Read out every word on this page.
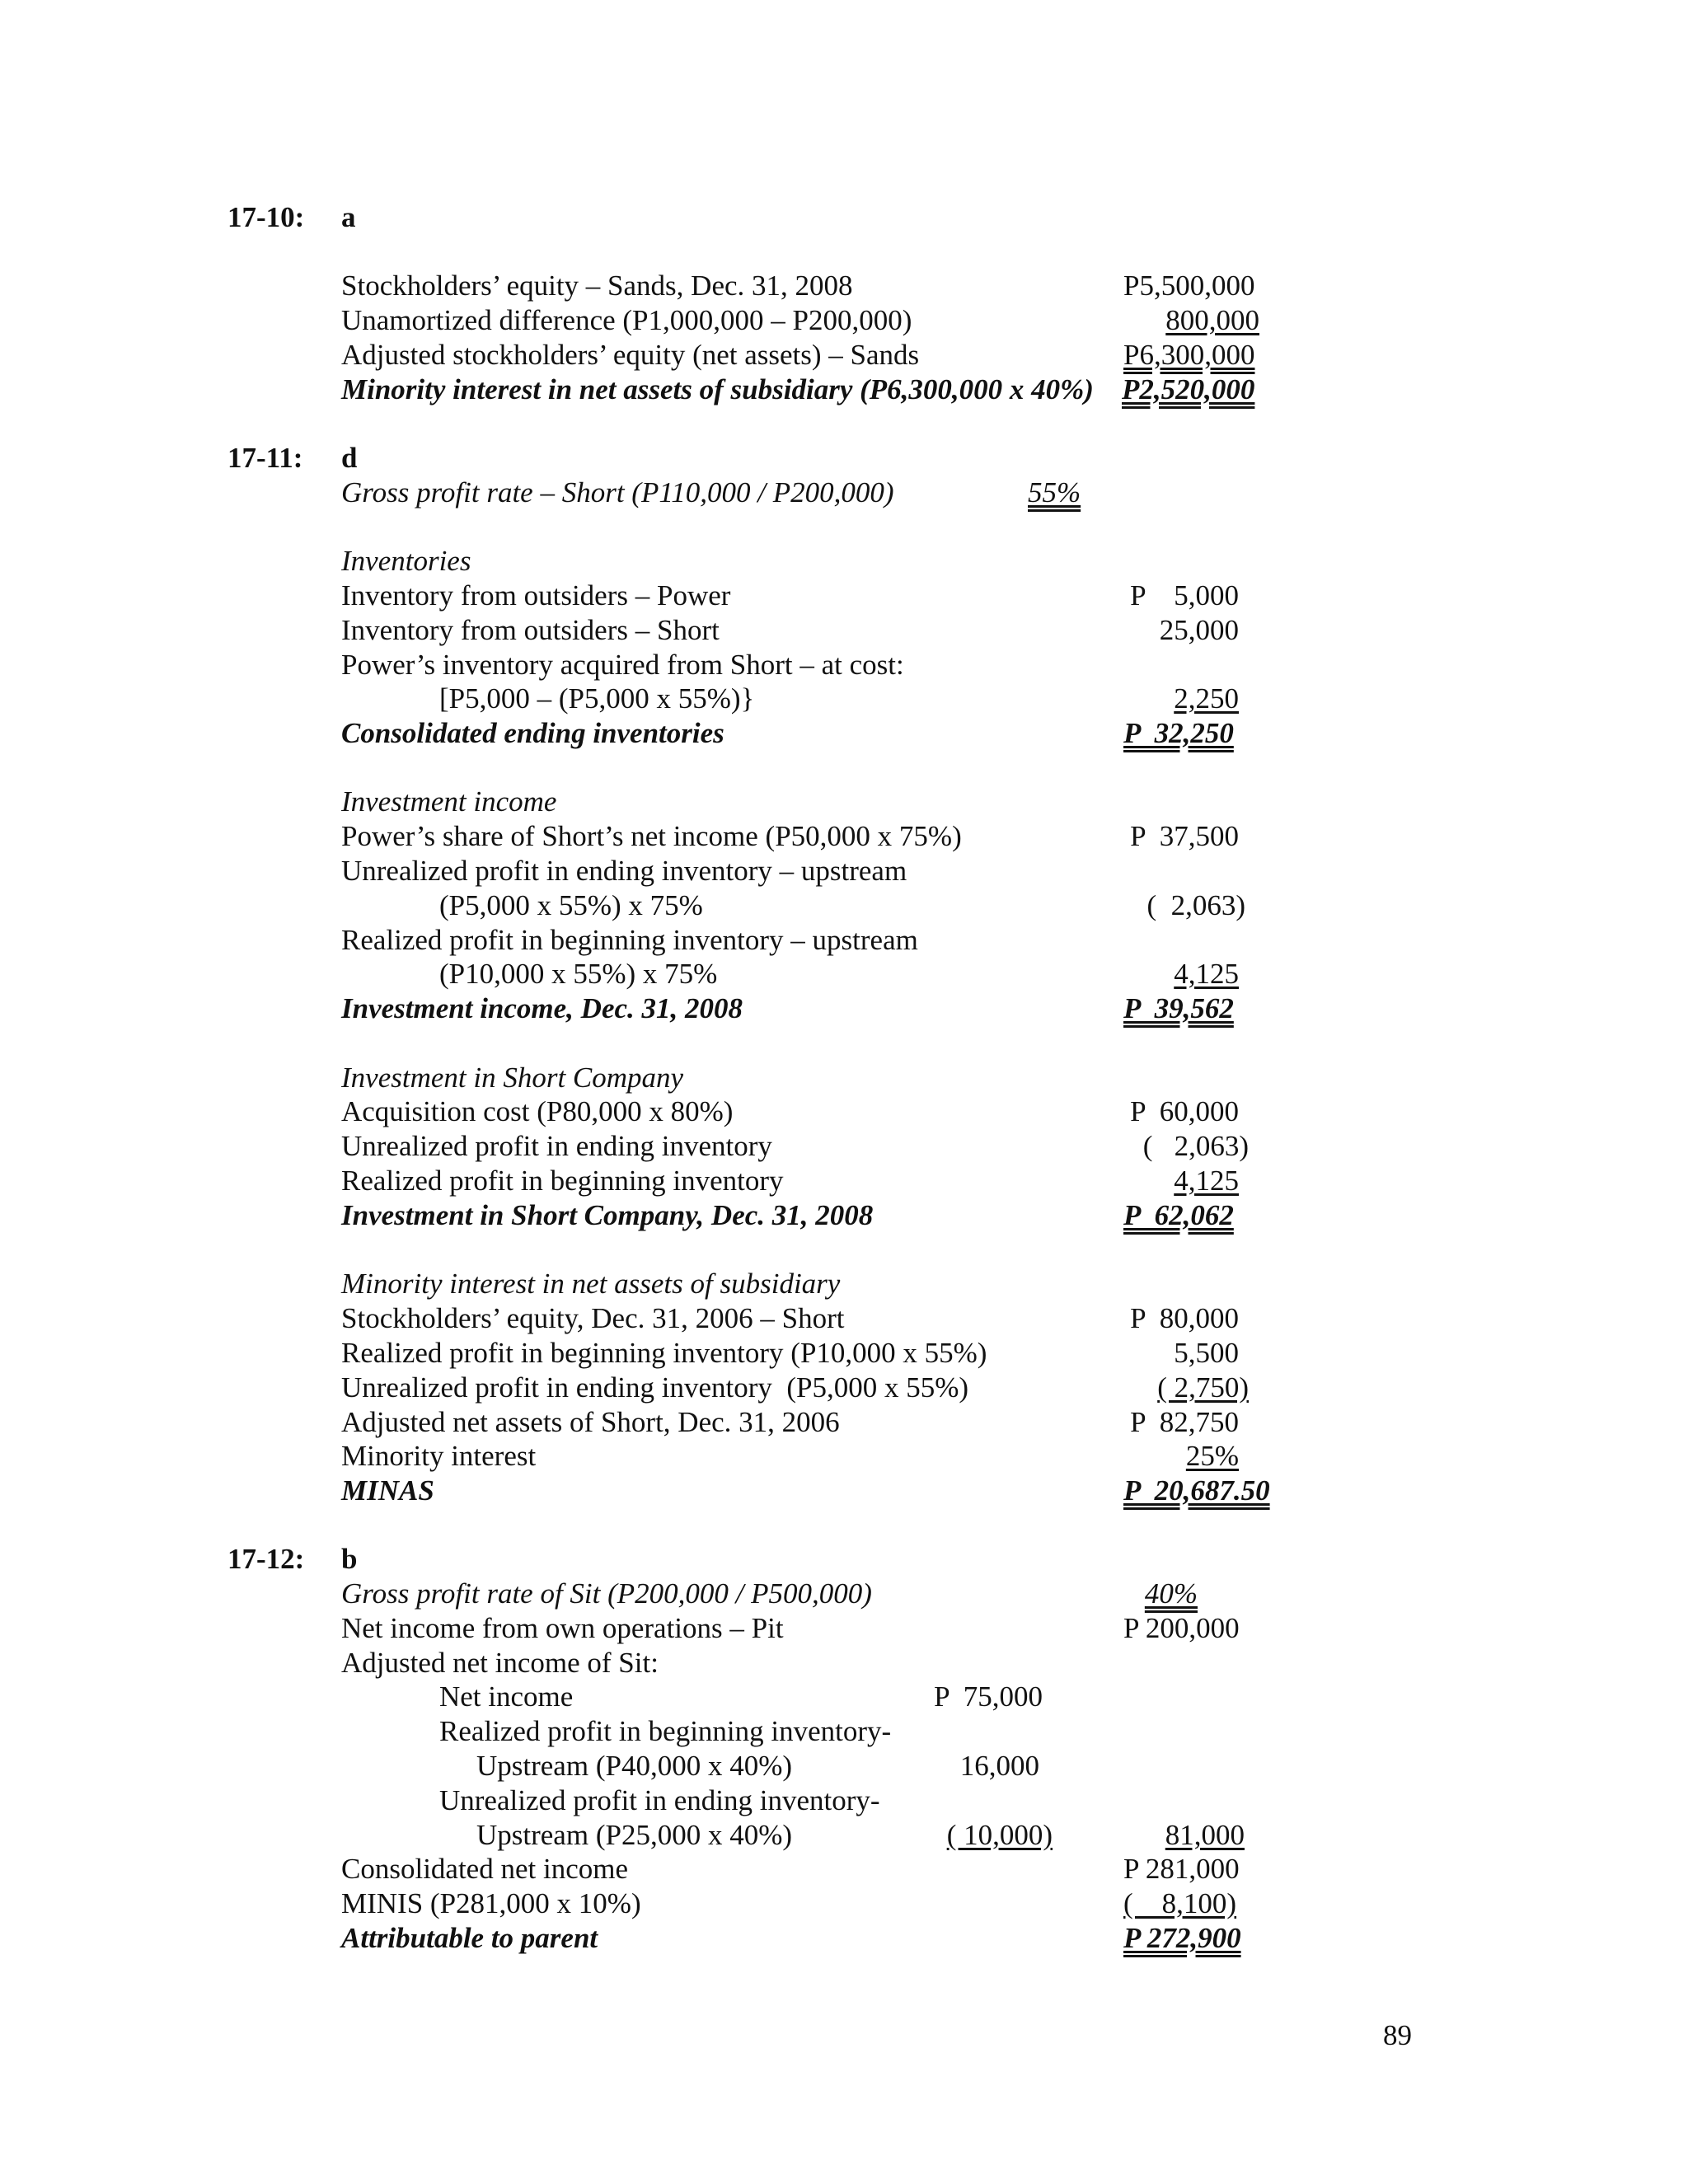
17-10: a
Stockholders’ equity – Sands, Dec. 31, 2008	P5,500,000
Unamortized difference (P1,000,000 – P200,000)	800,000
Adjusted stockholders’ equity (net assets) – Sands	P6,300,000
Minority interest in net assets of subsidiary (P6,300,000 x 40%) P2,520,000
17-11: d
Gross profit rate – Short (P110,000 / P200,000)	55%
Inventories
Inventory from outsiders – Power	P    5,000
Inventory from outsiders – Short	25,000
Power’s inventory acquired from Short – at cost:
[P5,000 – (P5,000 x 55%)}	2,250
Consolidated ending inventories	P  32,250
Investment income
Power’s share of Short’s net income (P50,000 x 75%)	P  37,500
Unrealized profit in ending inventory – upstream
(P5,000 x 55%) x 75%	(  2,063)
Realized profit in beginning inventory – upstream
(P10,000 x 55%) x 75%	4,125
Investment income, Dec. 31, 2008	P  39,562
Investment in Short Company
Acquisition cost (P80,000 x 80%)	P  60,000
Unrealized profit in ending inventory	(   2,063)
Realized profit in beginning inventory	4,125
Investment in Short Company, Dec. 31, 2008	P  62,062
Minority interest in net assets of subsidiary
Stockholders’ equity, Dec. 31, 2006 – Short	P  80,000
Realized profit in beginning inventory (P10,000 x 55%)	5,500
Unrealized profit in ending inventory  (P5,000 x 55%)	( 2,750)
Adjusted net assets of Short, Dec. 31, 2006	P  82,750
Minority interest	25%
MINAS	P  20,687.50
17-12: b
Gross profit rate of Sit (P200,000 / P500,000)	40%
Net income from own operations – Pit	P 200,000
Adjusted net income of Sit:
Net income	P  75,000
Realized profit in beginning inventory-
Upstream (P40,000 x 40%)	16,000
Unrealized profit in ending inventory-
Upstream (P25,000 x 40%)	( 10,000)	81,000
Consolidated net income	P 281,000
MINIS (P281,000 x 10%)	(    8,100)
Attributable to parent	P 272,900
89
